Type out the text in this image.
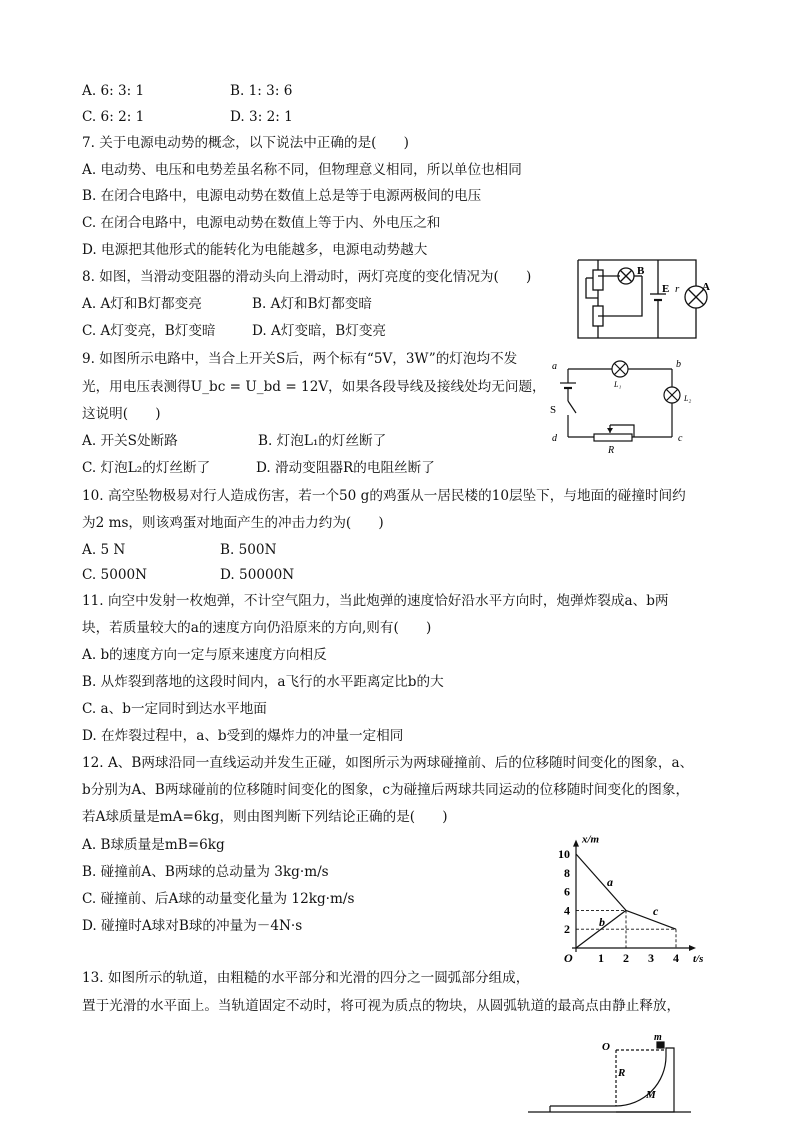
A. 6: 3: 1	B. 1: 3: 6
C. 6: 2: 1	D. 3: 2: 1
7. 关于电源电动势的概念，以下说法中正确的是(　　)
A. 电动势、电压和电势差虽名称不同，但物理意义相同，所以单位也相同
B. 在闭合电路中，电源电动势在数值上总是等于电源两极间的电压
C. 在闭合电路中，电源电动势在数值上等于内、外电压之和
D. 电源把其他形式的能转化为电能越多，电源电动势越大
8. 如图，当滑动变阻器的滑动头向上滑动时，两灯亮度的变化情况为(　　)
A. A灯和B灯都变亮	B. A灯和B灯都变暗
C. A灯变亮，B灯变暗	D. A灯变暗，B灯变亮
B
E r A
9. 如图所示电路中，当合上开关S后，两个标有“5V，3W”的灯泡均不发
光，用电压表测得U_bc = U_bd = 12V，如果各段导线及接线处均无问题，
这说明(　　)
A. 开关S处断路	B. 灯泡L₁的灯丝断了
C. 灯泡L₂的灯丝断了	D. 滑动变阻器R的电阻丝断了
a	b
c
d
L₁
L₂
S
R
10. 高空坠物极易对行人造成伤害，若一个50 g的鸡蛋从一居民楼的10层坠下，与地面的碰撞时间约
为2 ms，则该鸡蛋对地面产生的冲击力约为(　　)
A. 5 N	B. 500N
C. 5000N	D. 50000N
11. 向空中发射一枚炮弹，不计空气阻力，当此炮弹的速度恰好沿水平方向时，炮弹炸裂成a、b两
块，若质量较大的a的速度方向仍沿原来的方向,则有(　　)
A. b的速度方向一定与原来速度方向相反
B. 从炸裂到落地的这段时间内，a飞行的水平距离定比b的大
C. a、b一定同时到达水平地面
D. 在炸裂过程中，a、b受到的爆炸力的冲量一定相同
12. A、B两球沿同一直线运动并发生正碰，如图所示为两球碰撞前、后的位移随时间变化的图象，a、
b分别为A、B两球碰前的位移随时间变化的图象，c为碰撞后两球共同运动的位移随时间变化的图象，
若A球质量是mA=6kg，则由图判断下列结论正确的是(　　)
A. B球质量是mB=6kg
B. 碰撞前A、B两球的总动量为 3kg·m/s
C. 碰撞前、后A球的动量变化量为 12kg·m/s
D. 碰撞时A球对B球的冲量为－4N·s
a
b
c
1 2 3 4
2
4
6
8
10
x/m
t/s
O
13. 如图所示的轨道，由粗糙的水平部分和光滑的四分之一圆弧部分组成，
置于光滑的水平面上。当轨道固定不动时，将可视为质点的物块，从圆弧轨道的最高点由静止释放，
O
R
M
m
